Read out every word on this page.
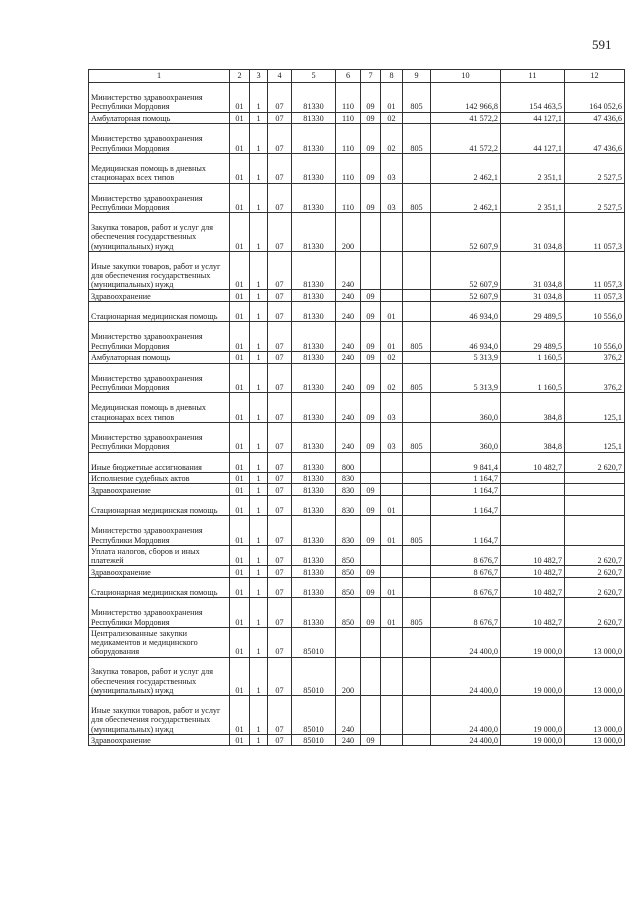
591
1	2	3	4	5	6	7	8	9	10	11	12
Министерство здравоохранения Республики Мордовия	01	1	07	81330	110	09	01	805	142 966,8	154 463,5	164 052,6
Амбулаторная помощь	01	1	07	81330	110	09	02		41 572,2	44 127,1	47 436,6
Министерство здравоохранения Республики Мордовия	01	1	07	81330	110	09	02	805	41 572,2	44 127,1	47 436,6
Медицинская помощь в дневных стационарах всех типов	01	1	07	81330	110	09	03		2 462,1	2 351,1	2 527,5
Министерство здравоохранения Республики Мордовия	01	1	07	81330	110	09	03	805	2 462,1	2 351,1	2 527,5
Закупка товаров, работ и услуг для обеспечения государственных (муниципальных) нужд	01	1	07	81330	200				52 607,9	31 034,8	11 057,3
Иные закупки товаров, работ и услуг для обеспечения государственных (муниципальных) нужд	01	1	07	81330	240				52 607,9	31 034,8	11 057,3
Здравоохранение	01	1	07	81330	240	09			52 607,9	31 034,8	11 057,3
Стационарная медицинская помощь	01	1	07	81330	240	09	01		46 934,0	29 489,5	10 556,0
Министерство здравоохранения Республики Мордовия	01	1	07	81330	240	09	01	805	46 934,0	29 489,5	10 556,0
Амбулаторная помощь	01	1	07	81330	240	09	02		5 313,9	1 160,5	376,2
Министерство здравоохранения Республики Мордовия	01	1	07	81330	240	09	02	805	5 313,9	1 160,5	376,2
Медицинская помощь в дневных стационарах всех типов	01	1	07	81330	240	09	03		360,0	384,8	125,1
Министерство здравоохранения Республики Мордовия	01	1	07	81330	240	09	03	805	360,0	384,8	125,1
Иные бюджетные ассигнования	01	1	07	81330	800				9 841,4	10 482,7	2 620,7
Исполнение судебных актов	01	1	07	81330	830				1 164,7		
Здравоохранение	01	1	07	81330	830	09			1 164,7		
Стационарная медицинская помощь	01	1	07	81330	830	09	01		1 164,7		
Министерство здравоохранения Республики Мордовия	01	1	07	81330	830	09	01	805	1 164,7		
Уплата налогов, сборов и иных платежей	01	1	07	81330	850				8 676,7	10 482,7	2 620,7
Здравоохранение	01	1	07	81330	850	09			8 676,7	10 482,7	2 620,7
Стационарная медицинская помощь	01	1	07	81330	850	09	01		8 676,7	10 482,7	2 620,7
Министерство здравоохранения Республики Мордовия	01	1	07	81330	850	09	01	805	8 676,7	10 482,7	2 620,7
Централизованные закупки медикаментов и медицинского оборудования	01	1	07	85010					24 400,0	19 000,0	13 000,0
Закупка товаров, работ и услуг для обеспечения государственных (муниципальных) нужд	01	1	07	85010	200				24 400,0	19 000,0	13 000,0
Иные закупки товаров, работ и услуг для обеспечения государственных (муниципальных) нужд	01	1	07	85010	240				24 400,0	19 000,0	13 000,0
Здравоохранение	01	1	07	85010	240	09			24 400,0	19 000,0	13 000,0
